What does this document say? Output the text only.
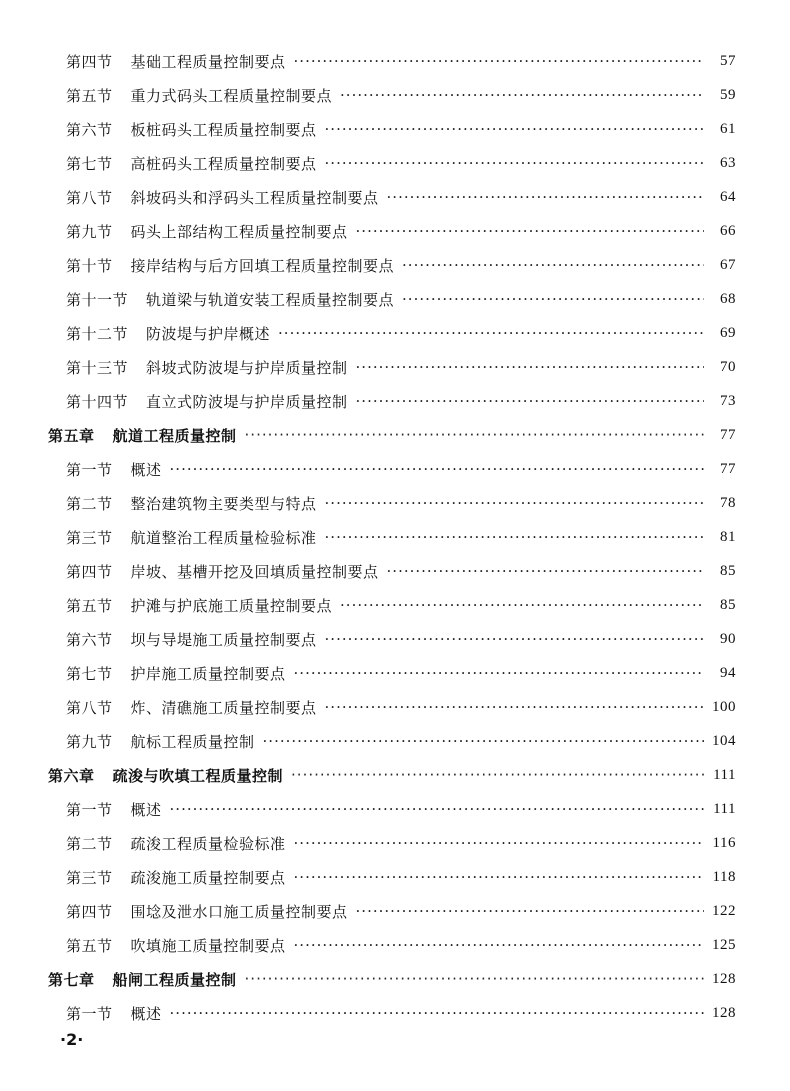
第四节 基础工程质量控制要点 ·····	57
第五节 重力式码头工程质量控制要点 ·····	59
第六节 板桩码头工程质量控制要点 ·····	61
第七节 高桩码头工程质量控制要点 ·····	63
第八节 斜坡码头和浮码头工程质量控制要点 ·····	64
第九节 码头上部结构工程质量控制要点 ·····	66
第十节 接岸结构与后方回填工程质量控制要点 ·····	67
第十一节 轨道梁与轨道安装工程质量控制要点 ·····	68
第十二节 防波堤与护岸概述 ·····	69
第十三节 斜坡式防波堤与护岸质量控制 ·····	70
第十四节 直立式防波堤与护岸质量控制 ·····	73
第五章 航道工程质量控制 ·····	77
第一节 概述 ·····	77
第二节 整治建筑物主要类型与特点 ·····	78
第三节 航道整治工程质量检验标准 ·····	81
第四节 岸坡、基槽开挖及回填质量控制要点 ·····	85
第五节 护滩与护底施工质量控制要点 ·····	85
第六节 坝与导堤施工质量控制要点 ·····	90
第七节 护岸施工质量控制要点 ·····	94
第八节 炸、清礁施工质量控制要点 ·····	100
第九节 航标工程质量控制 ·····	104
第六章 疏浚与吹填工程质量控制 ·····	111
第一节 概述 ·····	111
第二节 疏浚工程质量检验标准 ·····	116
第三节 疏浚施工质量控制要点 ·····	118
第四节 围埝及泄水口施工质量控制要点 ·····	122
第五节 吹填施工质量控制要点 ·····	125
第七章 船闸工程质量控制 ·····	128
第一节 概述 ·····	128
·2·
